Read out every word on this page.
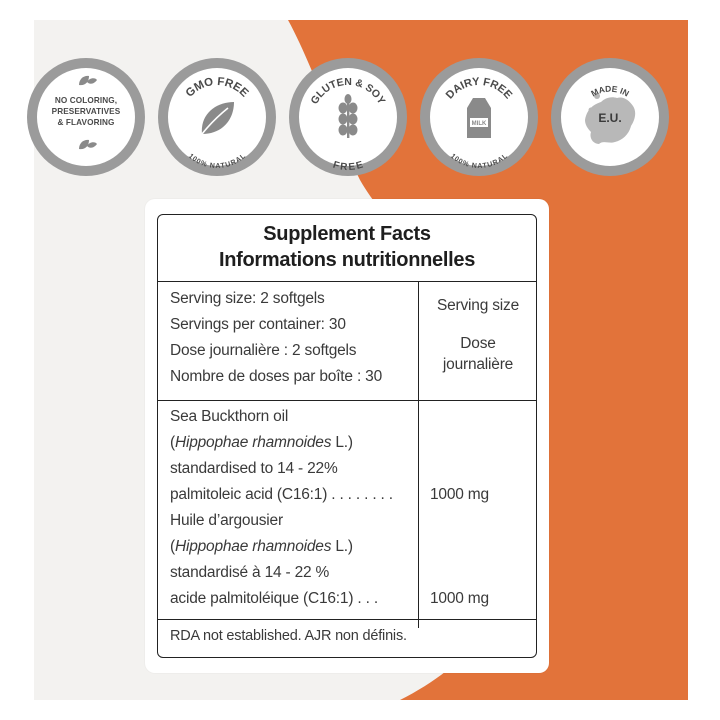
NO COLORING,
PRESERVATIVES
& FLAVORING
GMO FREE
100% NATURAL
GLUTEN & SOY
FREE
DAIRY FREE
100% NATURAL
MILK
MADE IN
E.U.
Supplement Facts
Informations nutritionnelles
Serving size: 2 softgels
Servings per container: 30
Dose journalière : 2 softgels
Nombre de doses par boîte : 30
Serving size
Dose
journalière
Sea Buckthorn oil
(Hippophae rhamnoides L.)
standardised to 14 - 22%
palmitoleic acid (C16:1) . . . . . . . . 1000 mg
Huile d’argousier
(Hippophae rhamnoides L.)
standardisé à 14 - 22 %
acide palmitoléique (C16:1) . . .	1000 mg
RDA not established. AJR non définis.
